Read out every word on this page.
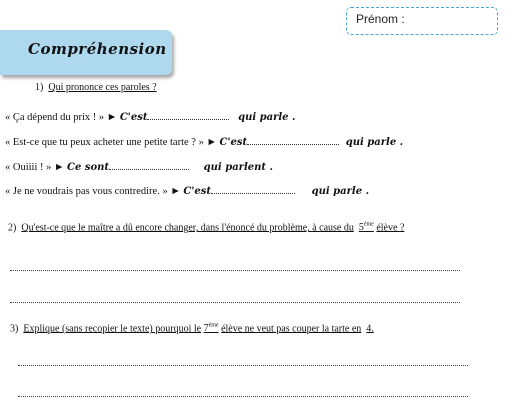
Prénom :
Compréhension
1) Qui prononce ces paroles ?
« Ça dépend du prix ! » ► C'est	qui parle .
« Est-ce que tu peux acheter une petite tarte ? » ► C'est	qui parle .
« Ouiiii ! » ► Ce sont	qui parlent .
« Je ne voudrais pas vous contredire. » ► C'est	qui parle .
2) Qu'est-ce que le maître a dû encore changer, dans l'énoncé du problème, à cause du 5ème élève ?
3) Explique (sans recopier le texte) pourquoi le 7ème élève ne veut pas couper la tarte en 4.
